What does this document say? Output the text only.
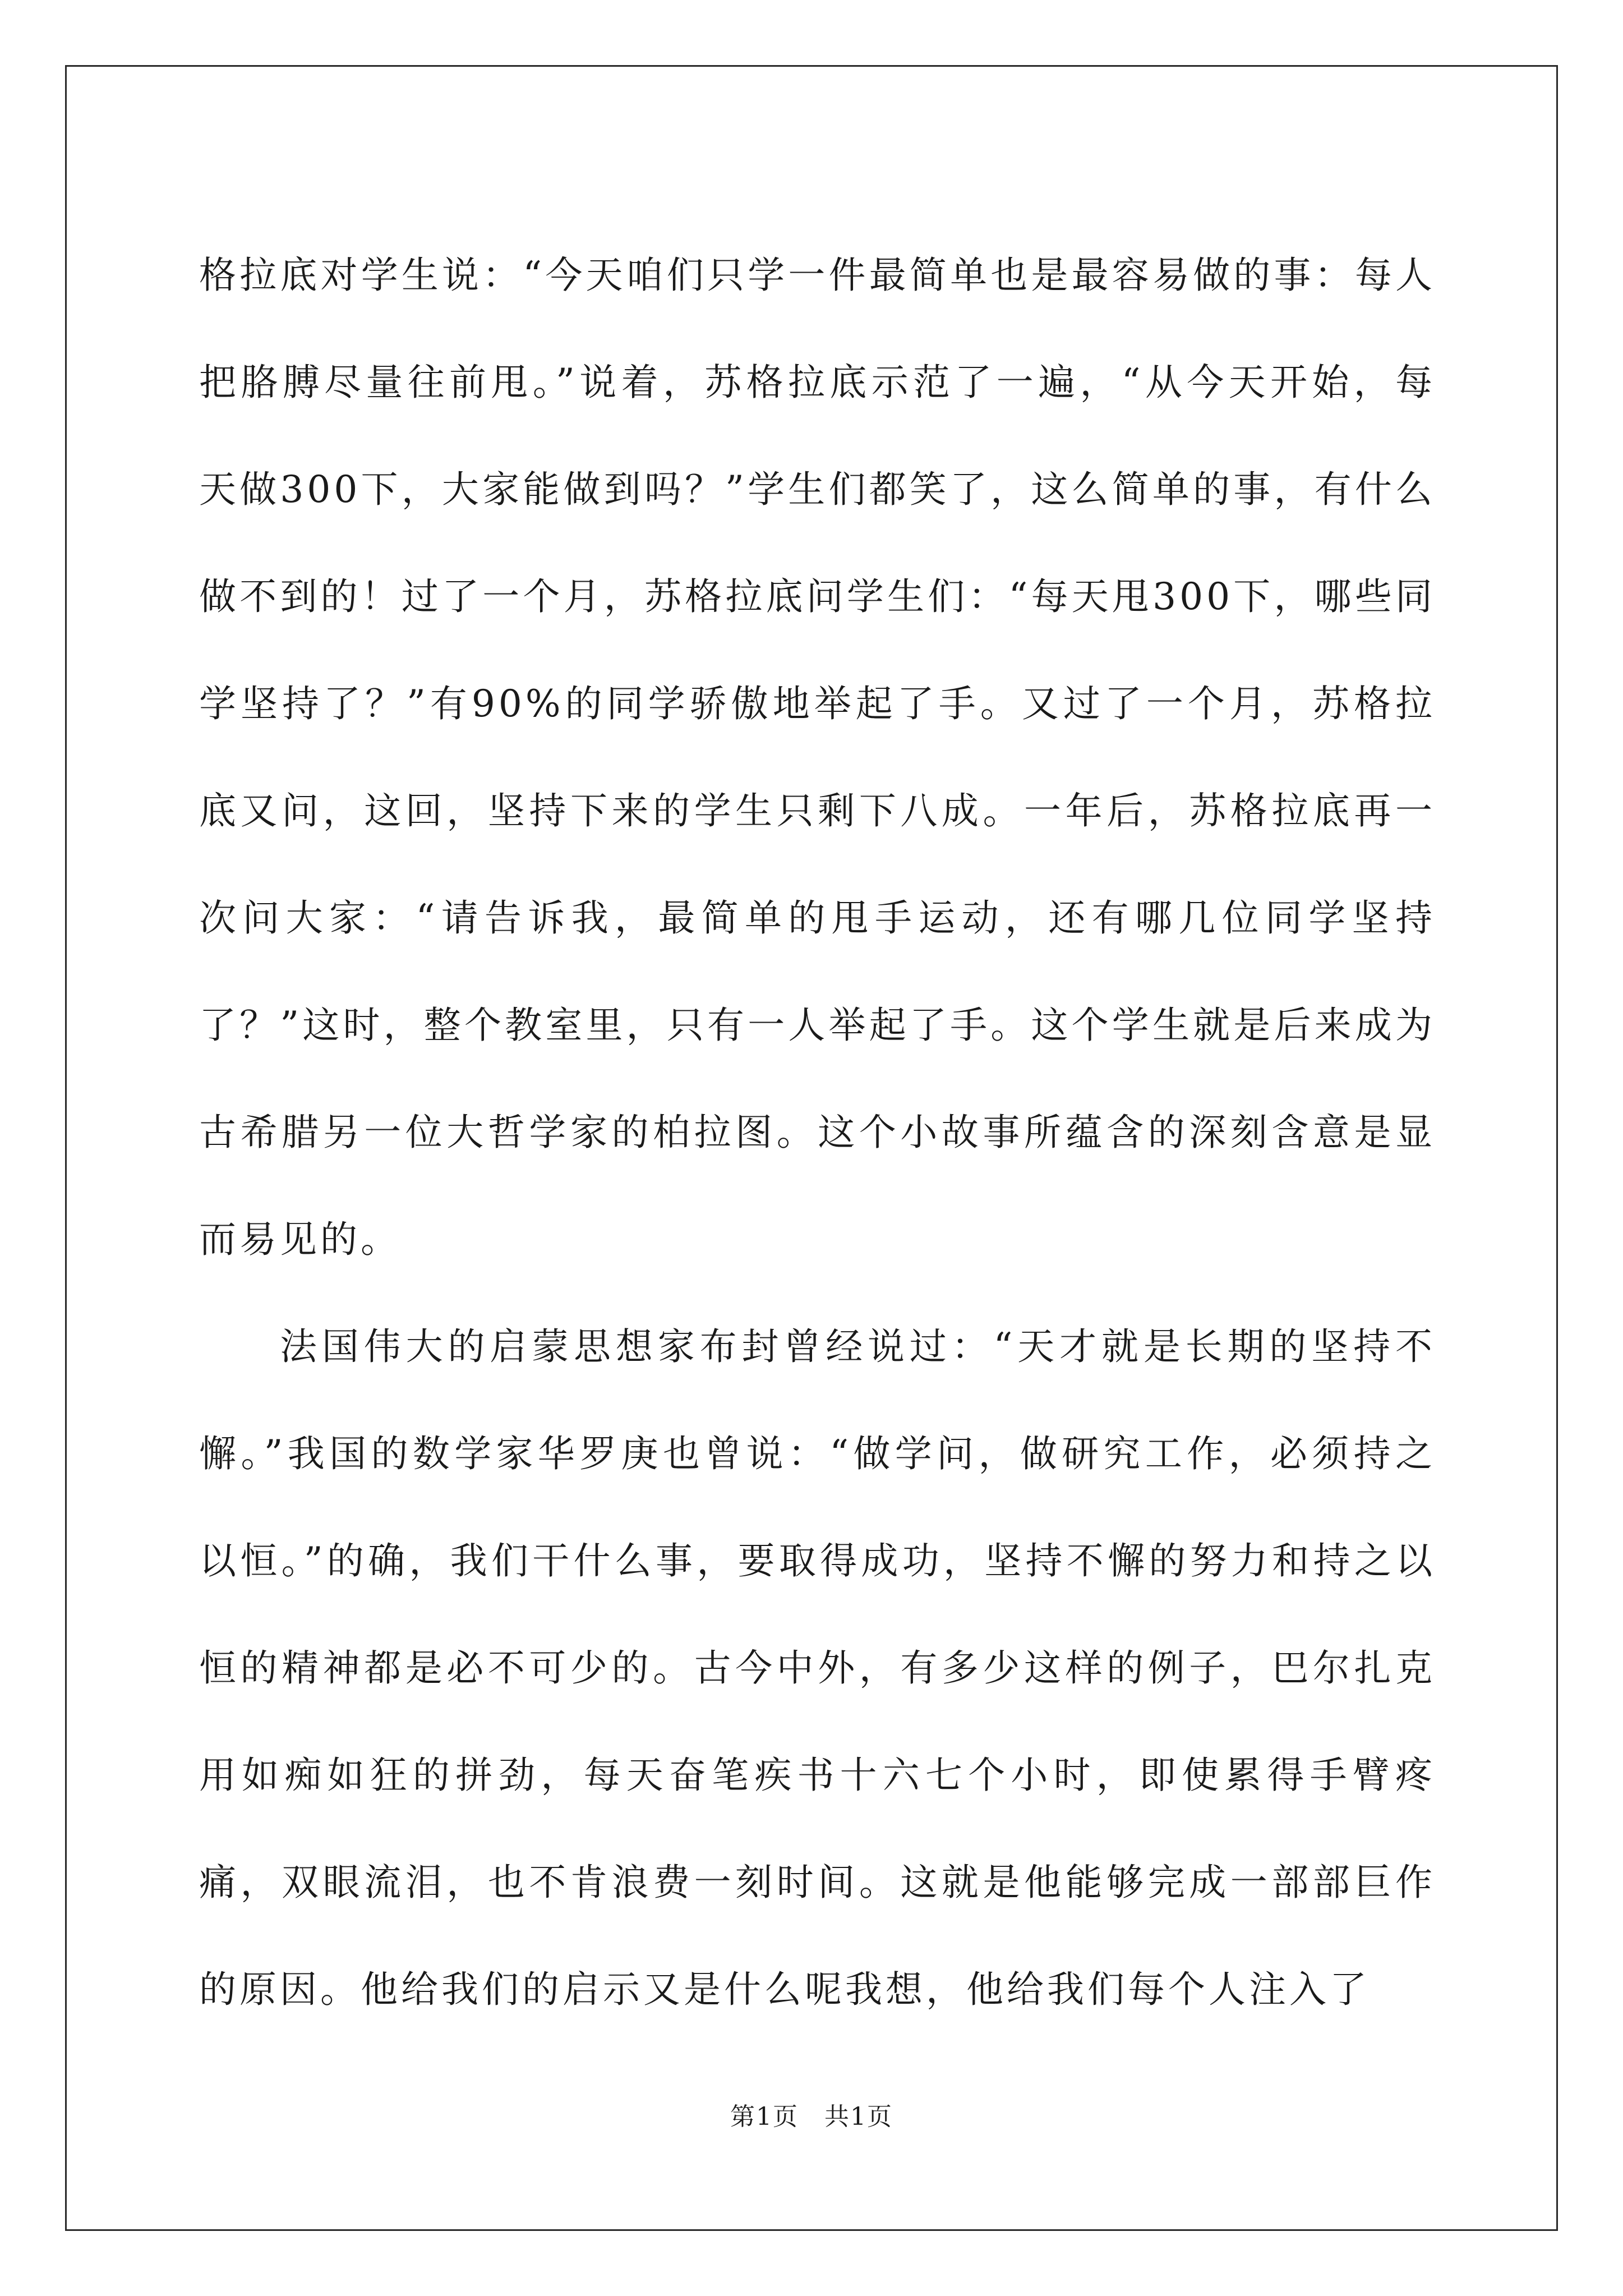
格拉底对学生说：“今天咱们只学一件最简单也是最容易做的事：每人把胳膊尽量往前甩。”说着，苏格拉底示范了一遍，“从今天开始，每天做300下，大家能做到吗？”学生们都笑了，这么简单的事，有什么做不到的！过了一个月，苏格拉底问学生们：“每天甩300下，哪些同学坚持了？”有90%的同学骄傲地举起了手。又过了一个月，苏格拉底又问，这回，坚持下来的学生只剩下八成。一年后，苏格拉底再一次问大家：“请告诉我，最简单的甩手运动，还有哪几位同学坚持了？”这时，整个教室里，只有一人举起了手。这个学生就是后来成为古希腊另一位大哲学家的柏拉图。这个小故事所蕴含的深刻含意是显而易见的。

法国伟大的启蒙思想家布封曾经说过：“天才就是长期的坚持不懈。”我国的数学家华罗庚也曾说：“做学问，做研究工作，必须持之以恒。”的确，我们干什么事，要取得成功，坚持不懈的努力和持之以恒的精神都是必不可少的。古今中外，有多少这样的例子，巴尔扎克用如痴如狂的拼劲，每天奋笔疾书十六七个小时，即使累得手臂疼痛，双眼流泪，也不肯浪费一刻时间。这就是他能够完成一部部巨作的原因。他给我们的启示又是什么呢我想，他给我们每个人注入了

第1页 共1页
